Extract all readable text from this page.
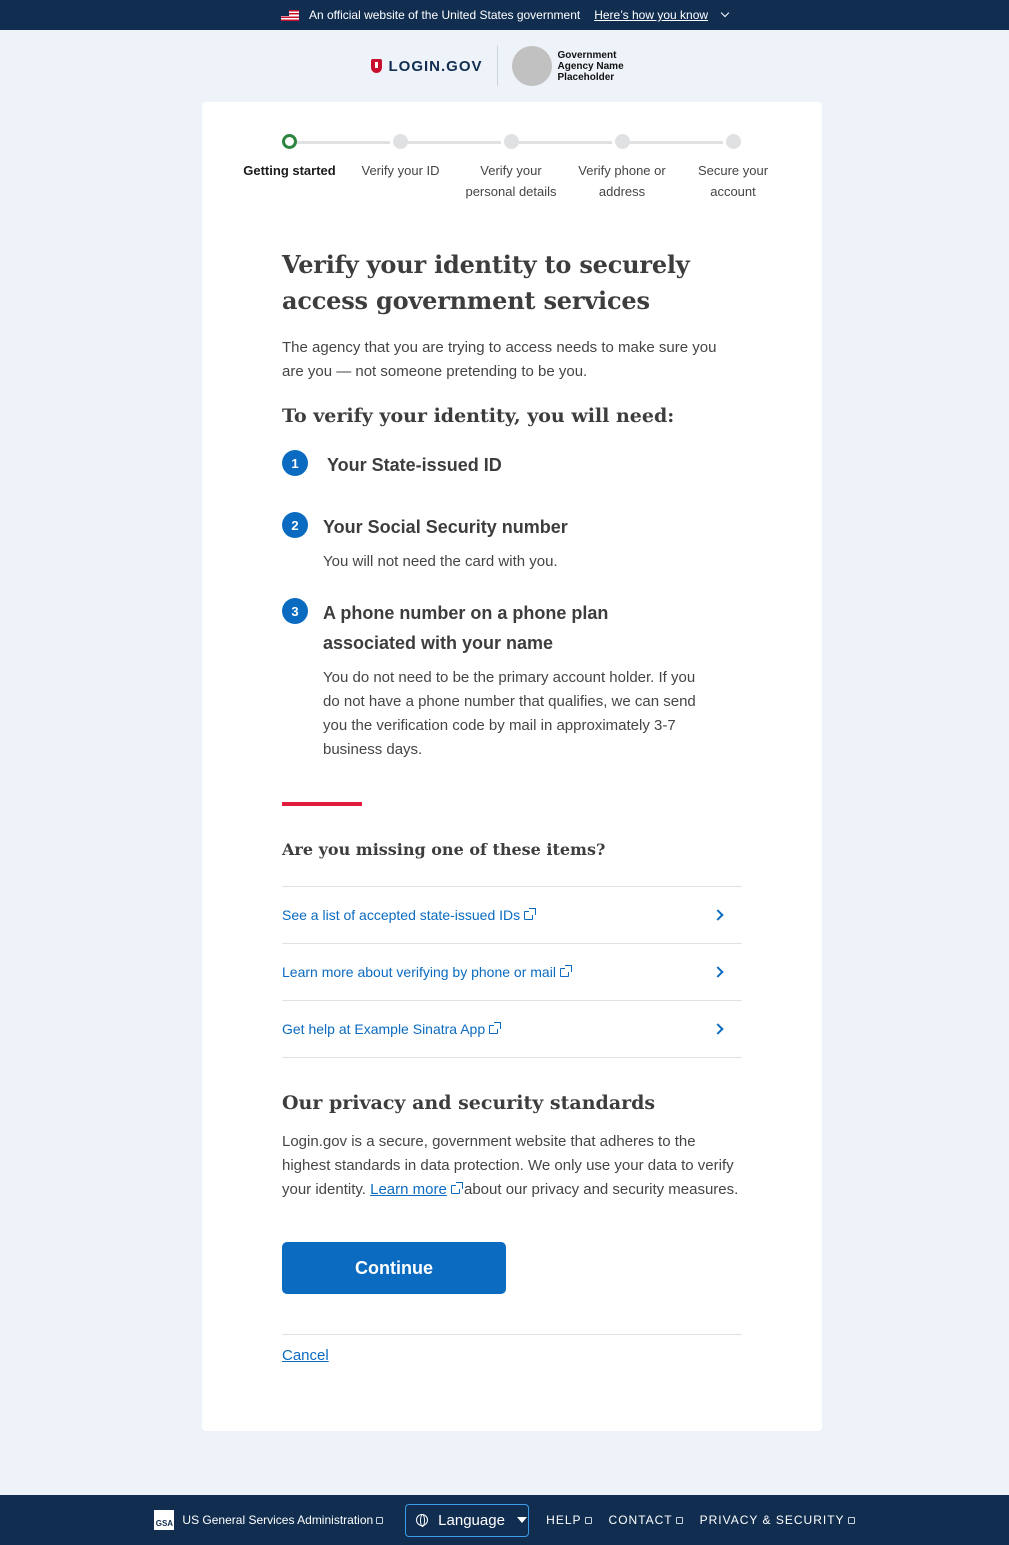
An official website of the United States government Here’s how you know
LOGIN.GOV
Government Agency Name Placeholder
Getting started	Verify your ID	Verify your personal details
Verify phone or address
Secure your account
Verify your identity to securely access government services

The agency that you are trying to access needs to make sure you are you — not someone pretending to be you.

To verify your identity, you will need:
1	Your State-issued ID
2	Your Social Security number
You will not need the card with you.
3	A phone number on a phone plan associated with your name
You do not need to be the primary account holder. If you do not have a phone number that qualifies, we can send you the verification code by mail in approximately 3-7 business days.
Are you missing one of these items?
See a list of accepted state-issued IDs
Learn more about verifying by phone or mail
Get help at Example Sinatra App
Our privacy and security standards

Login.gov is a secure, government website that adheres to the highest standards in data protection. We only use your data to verify your identity. Learn more about our privacy and security measures.

Continue
Cancel
GSA US General Services Administration	Language	HELP	CONTACT	PRIVACY & SECURITY
